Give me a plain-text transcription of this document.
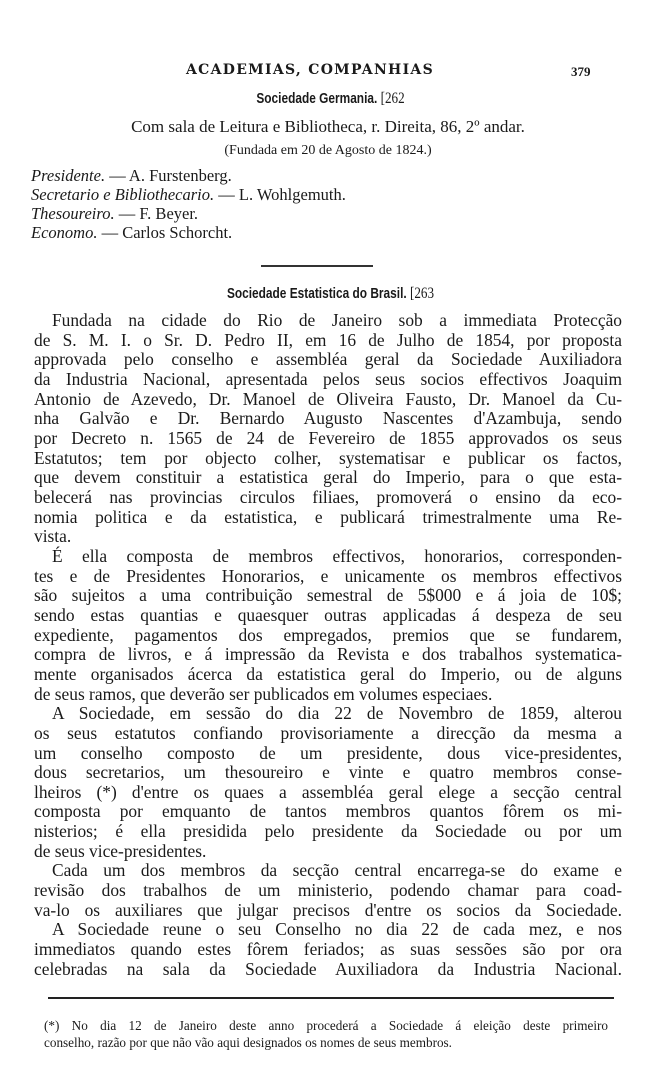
ACADEMIAS, COMPANHIAS	379
Sociedade Germania. [262
Com sala de Leitura e Bibliotheca, r. Direita, 86, 2º andar.
(Fundada em 20 de Agosto de 1824.)
Presidente. — A. Furstenberg.
Secretario e Bibliothecario. — L. Wohlgemuth.
Thesoureiro. — F. Beyer.
Economo. — Carlos Schorcht.
Sociedade Estatistica do Brasil. [263
Fundada na cidade do Rio de Janeiro sob a immediata Protecção
de S. M. I. o Sr. D. Pedro II, em 16 de Julho de 1854, por proposta
approvada pelo conselho e assembléa geral da Sociedade Auxiliadora
da Industria Nacional, apresentada pelos seus socios effectivos Joaquim
Antonio de Azevedo, Dr. Manoel de Oliveira Fausto, Dr. Manoel da Cu-
nha Galvão e Dr. Bernardo Augusto Nascentes d'Azambuja, sendo
por Decreto n. 1565 de 24 de Fevereiro de 1855 approvados os seus
Estatutos; tem por objecto colher, systematisar e publicar os factos,
que devem constituir a estatistica geral do Imperio, para o que esta-
belecerá nas provincias circulos filiaes, promoverá o ensino da eco-
nomia politica e da estatistica, e publicará trimestralmente uma Re-
vista.
É ella composta de membros effectivos, honorarios, corresponden-
tes e de Presidentes Honorarios, e unicamente os membros effectivos
são sujeitos a uma contribuição semestral de 5$000 e á joia de 10$;
sendo estas quantias e quaesquer outras applicadas á despeza de seu
expediente, pagamentos dos empregados, premios que se fundarem,
compra de livros, e á impressão da Revista e dos trabalhos systematica-
mente organisados ácerca da estatistica geral do Imperio, ou de alguns
de seus ramos, que deverão ser publicados em volumes especiaes.
A Sociedade, em sessão do dia 22 de Novembro de 1859, alterou
os seus estatutos confiando provisoriamente a direcção da mesma a
um conselho composto de um presidente, dous vice-presidentes,
dous secretarios, um thesoureiro e vinte e quatro membros conse-
lheiros (*) d'entre os quaes a assembléa geral elege a secção central
composta por emquanto de tantos membros quantos fôrem os mi-
nisterios; é ella presidida pelo presidente da Sociedade ou por um
de seus vice-presidentes.
Cada um dos membros da secção central encarrega-se do exame e
revisão dos trabalhos de um ministerio, podendo chamar para coad-
va-lo os auxiliares que julgar precisos d'entre os socios da Sociedade.
A Sociedade reune o seu Conselho no dia 22 de cada mez, e nos
immediatos quando estes fôrem feriados; as suas sessões são por ora
celebradas na sala da Sociedade Auxiliadora da Industria Nacional.
(*) No dia 12 de Janeiro deste anno procederá a Sociedade á eleição deste primeiro
conselho, razão por que não vão aqui designados os nomes de seus membros.
